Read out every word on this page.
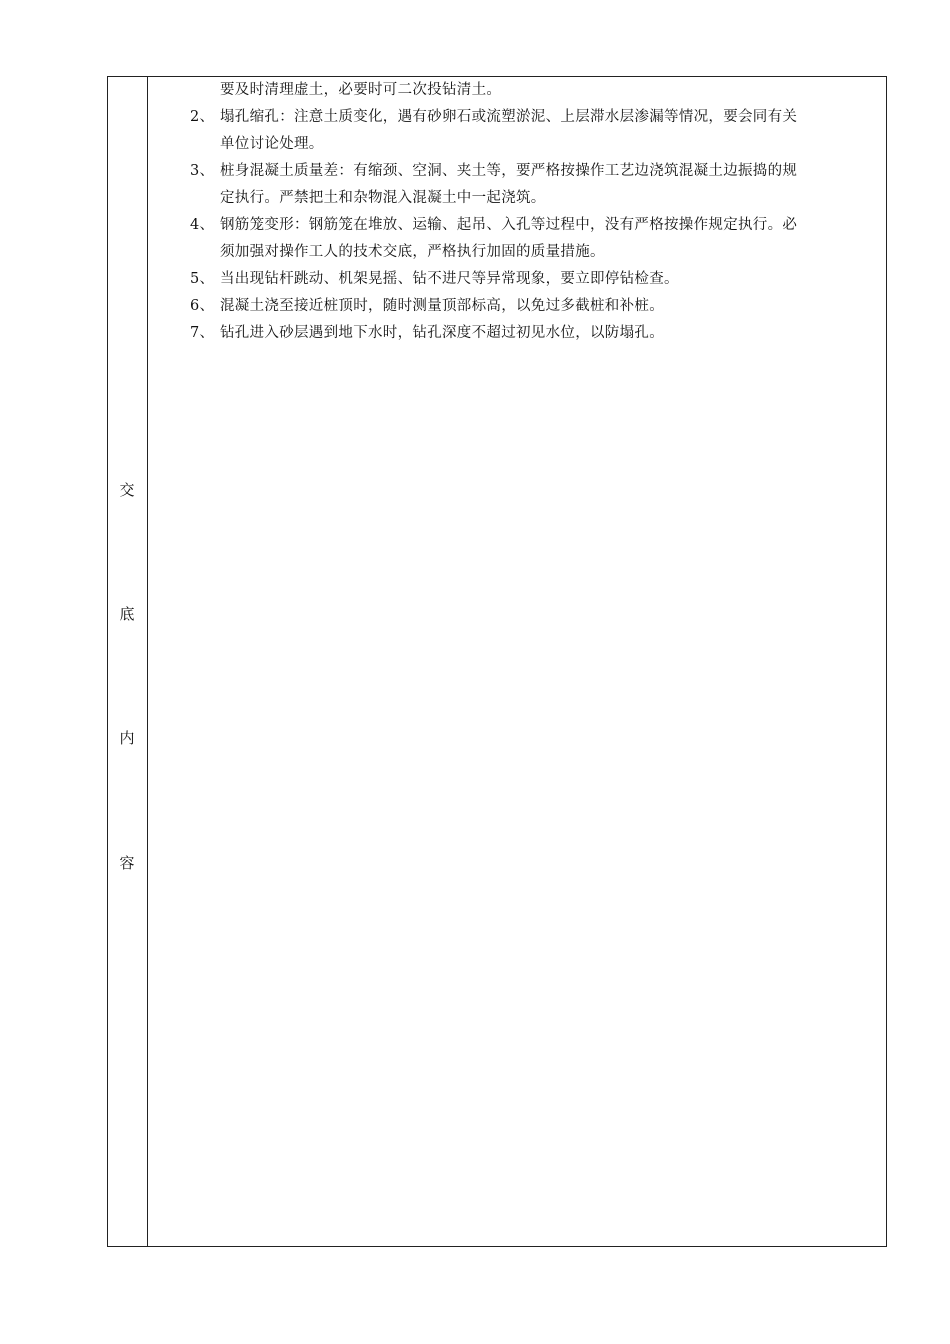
交
底
内
容
要及时清理虚土，必要时可二次投钻清土。
2、 塌孔缩孔：注意土质变化，遇有砂卵石或流塑淤泥、上层滞水层渗漏等情况，要会同有关
单位讨论处理。
3、 桩身混凝土质量差：有缩颈、空洞、夹土等，要严格按操作工艺边浇筑混凝土边振捣的规
定执行。严禁把土和杂物混入混凝土中一起浇筑。
4、 钢筋笼变形：钢筋笼在堆放、运输、起吊、入孔等过程中，没有严格按操作规定执行。必
须加强对操作工人的技术交底，严格执行加固的质量措施。
5、 当出现钻杆跳动、机架晃摇、钻不进尺等异常现象，要立即停钻检查。
6、 混凝土浇至接近桩顶时，随时测量顶部标高，以免过多截桩和补桩。
7、 钻孔进入砂层遇到地下水时，钻孔深度不超过初见水位，以防塌孔。
